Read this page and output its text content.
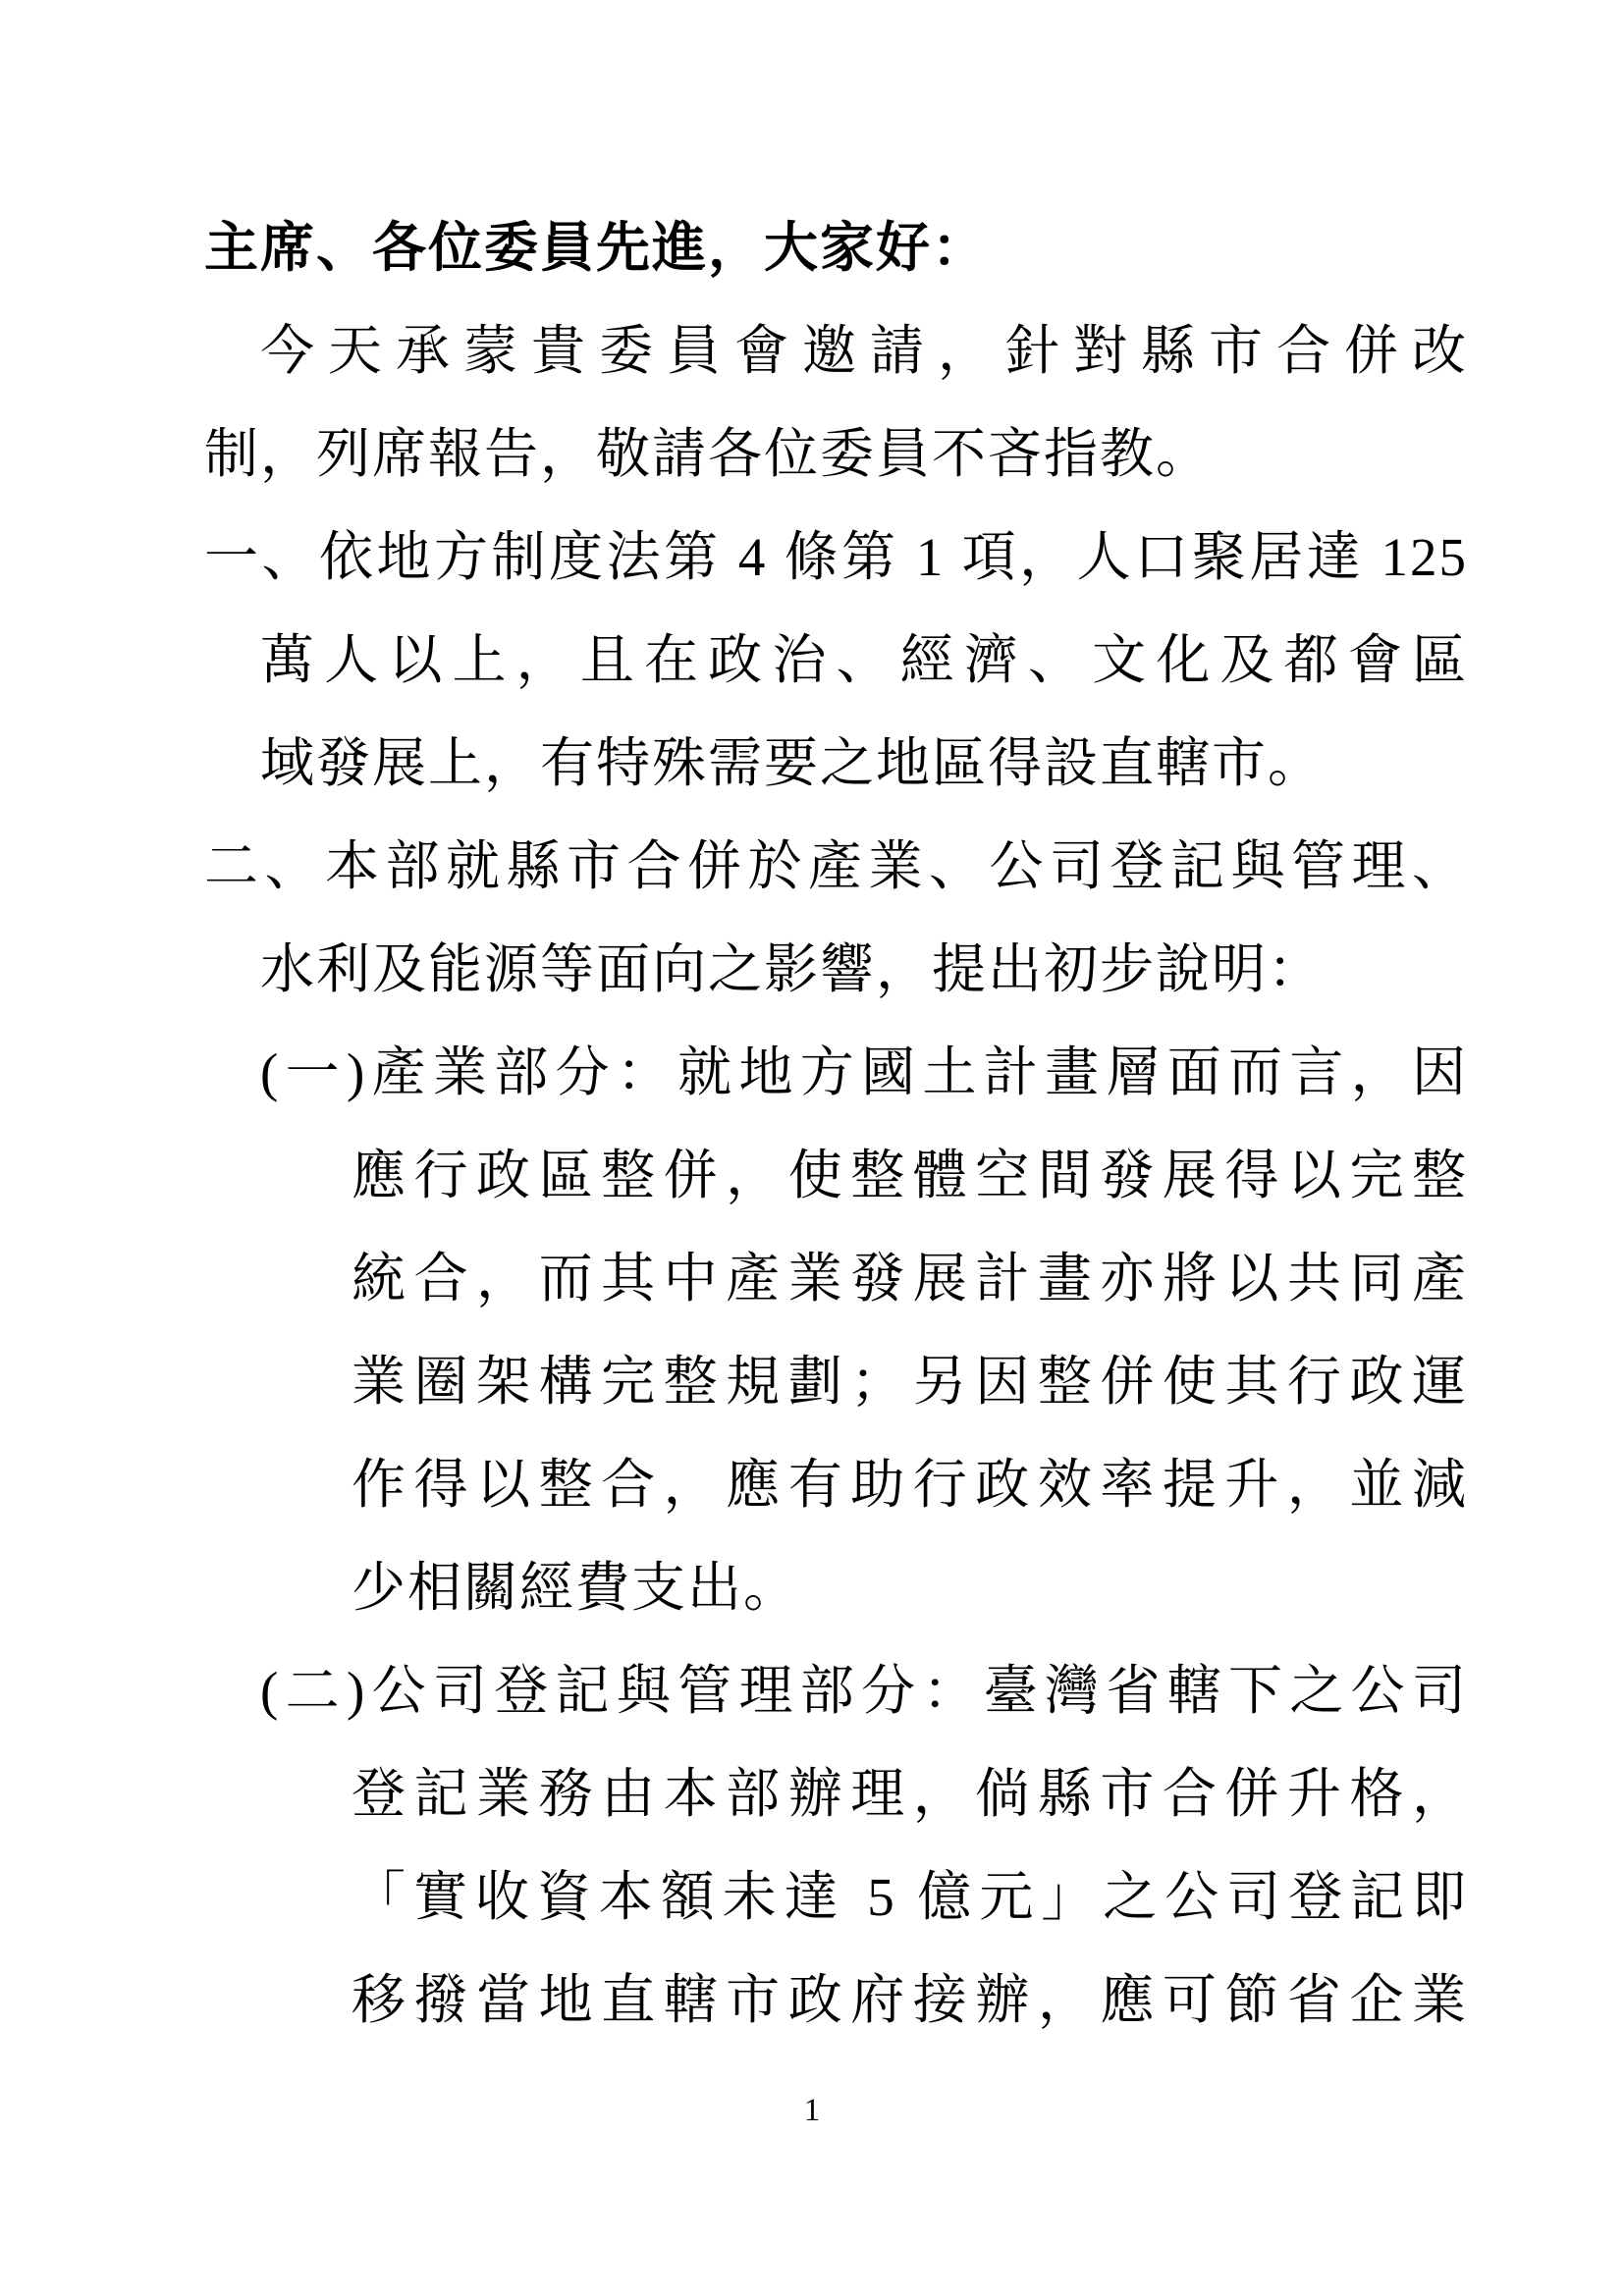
主席、各位委員先進，大家好：
今天承蒙貴委員會邀請，針對縣市合併改
制，列席報告，敬請各位委員不吝指教。
一、依地方制度法第 4 條第 1 項，人口聚居達 125
萬人以上，且在政治、經濟、文化及都會區
域發展上，有特殊需要之地區得設直轄市。
二、本部就縣市合併於產業、公司登記與管理、
水利及能源等面向之影響，提出初步說明：
(一)產業部分：就地方國土計畫層面而言，因
應行政區整併，使整體空間發展得以完整
統合，而其中產業發展計畫亦將以共同產
業圈架構完整規劃；另因整併使其行政運
作得以整合，應有助行政效率提升，並減
少相關經費支出。
(二)公司登記與管理部分：臺灣省轄下之公司
登記業務由本部辦理，倘縣市合併升格，
「實收資本額未達 5 億元」之公司登記即
移撥當地直轄市政府接辦，應可節省企業
1
